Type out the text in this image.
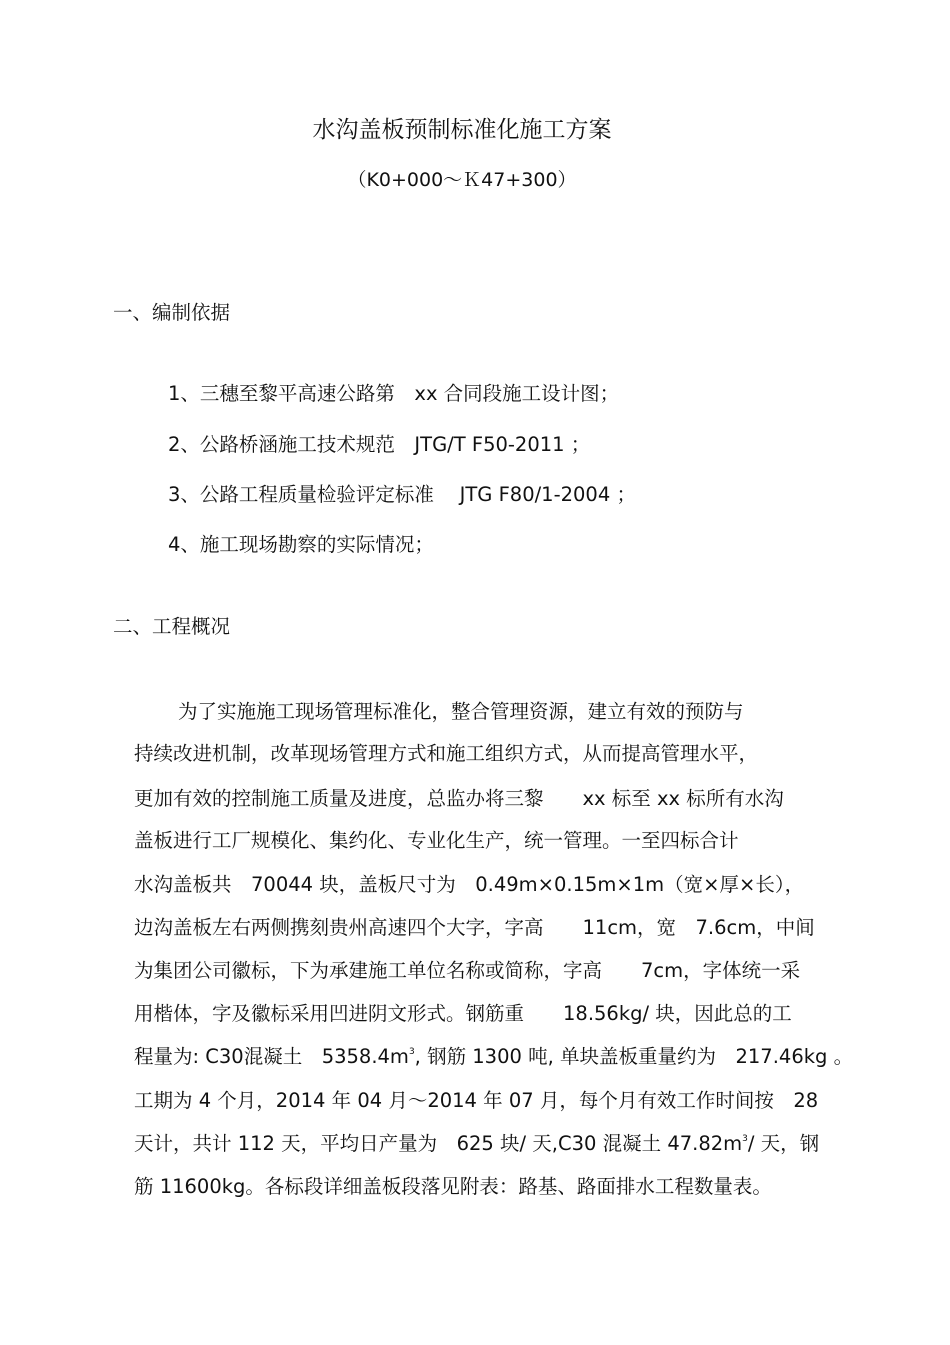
水沟盖板预制标准化施工方案
（K0+000～Ｋ47+300）
一、编制依据
1、三穗至黎平高速公路第　xx 合同段施工设计图；
2、公路桥涵施工技术规范　JTG/T F50-2011 ；
3、公路工程质量检验评定标准　 JTG F80/1-2004 ；
4、施工现场勘察的实际情况；
二、工程概况
为了实施施工现场管理标准化，整合管理资源，建立有效的预防与
持续改进机制，改革现场管理方式和施工组织方式，从而提高管理水平，
更加有效的控制施工质量及进度，总监办将三黎　　xx 标至 xx 标所有水沟
盖板进行工厂规模化、集约化、专业化生产，统一管理。一至四标合计
水沟盖板共　70044 块，盖板尺寸为　0.49m×0.15m×1m（宽×厚×长），
边沟盖板左右两侧携刻贵州高速四个大字，字高　　11cm，宽　7.6cm，中间
为集团公司徽标，下为承建施工单位名称或简称，字高　　7cm，字体统一采
用楷体，字及徽标采用凹进阴文形式。钢筋重　　18.56kg/ 块，因此总的工
程量为: C30混凝土　$5358.4m^3$, 钢筋 1300 吨, 单块盖板重量约为　217.46kg 。
工期为 4 个月，2014 年 04 月～2014 年 07 月，每个月有效工作时间按　28
天计，共计 112 天，平均日产量为　625 块/ 天,C30 混凝土 $47.82m^3/$ 天，钢
筋 11600kg。各标段详细盖板段落见附表：路基、路面排水工程数量表。
